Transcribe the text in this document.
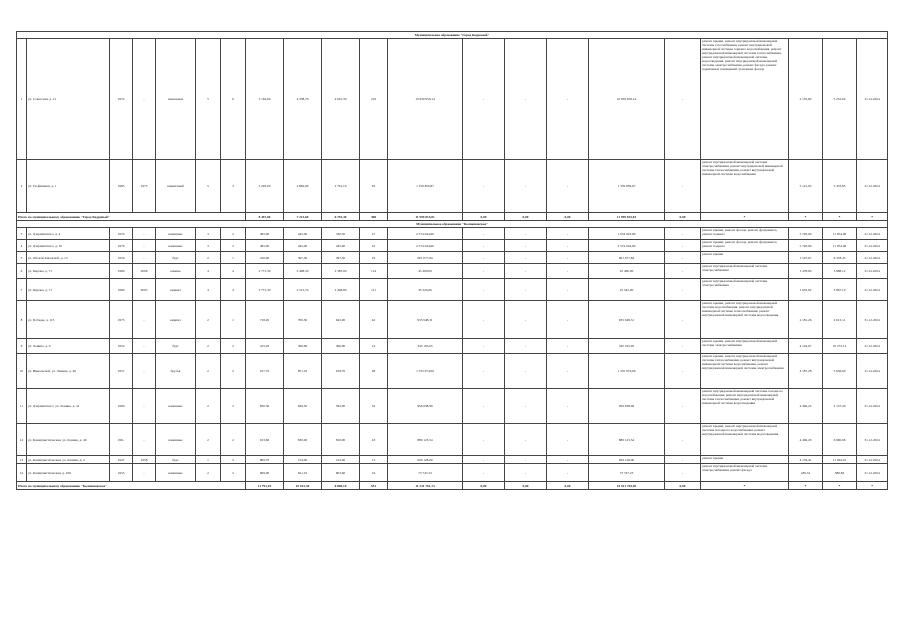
Муниципальное образование "Город Кедровый"																				
1	ул. Советская, д. 11	1974	-	панельные	5	6	5 164,00	4 338,70	4 001,30	216	10 639 956,14	-	-	-	10 639 956,14	-	ремонт крыши, ремонт внутридомовой инженерной системы газоснабжения, ремонт внутридомовой инженерной системы горячего водоснабжения, ремонт внутридомовой инженерной системы теплоснабжения, ремонт внутридомовой инженерной системы водоотведения, ремонт внутридомовой инженерной системы электроснабжения, ремонт фасада, ремонт подвальных помещений, утепление фасада	2 155,84	5 252,04	31.12.2024
2	ул. Геофизиков, д. 1	1985	1975	кирпичный	5	3	3 293,00	2 882,90	2 791,10	92	1 359 859,67	-	-	-	1 359 859,67	-	ремонт внутридомовой инженерной системы электроснабжения, ремонт внутридомовой инженерной системы теплоснабжения, ремонт внутридомовой инженерной системы водоснабжения	5 121,93	5 476,85	31.12.2024
Итого по муниципальному образованию "Город Кедровый"							8 457,00	7 221,60	6 792,40	308	11 999 815,81	0,00	0,00	0,00	11 999 815,81	0,00	*	*	*	*
Муниципальное образование "Колпашевское"																				
3	ул. Дзержинского, д. 4	1979	-	каменные	3	2	495,00	445,00	320,50	27	2 574 044,60	-	-	-	1 054 043,80	-	ремонт крыши, ремонт фасада, ремонт фундамента, ремонт подвала	5 720,00	11 054,00	31.12.2024
4	ул. Дзержинского, д. 10	1979	-	каменные	3	2	495,00	445,00	445,00	22	2 574 044,60	-	-	-	2 574 044,60	-	ремонт крыши, ремонт фасада, ремонт фундамента, ремонт подвала	5 720,00	11 054,00	31.12.2024
5	ул. Обской Заводской, д. 13	1956	-	брус	2	1	410,00	397,30	397,30	19	601 077,84	-	-	-	601 077,84	-	ремонт крыши	1 107,67	6 378,43	31.12.2024
6	ул. Кирова, д. 71	1969	2006	камень	4	4	2 771,30	2 498,50	2 385,90	114	45 400,00	-	-	-	45 400,00	-	ремонт внутридомовой инженерной системы электроснабжения	1 478,00	3 988,12	31.12.2024
7	ул. Кирова, д. 71	1969	2005	кирпич	4	4	2 771,30	2 515,74	2 448,80	111	45 545,00	-	-	-	45 545,00	-	ремонт внутридомовой инженерной системы электроснабжения	1 635,62	3 867,19	31.12.2024
8	ул. Победы, д. 115	1975	-	кирпич	2	1	718,20	700,30	645,00	42	935 948,31	-	-	-	935 948,31	-	ремонт крыши, ремонт внутридомовой инженерной системы водоснабжения, ремонт внутридомовой инженерной системы теплоснабжения, ремонт внутридомовой инженерной системы водоотведения	2 181,26	4 613,11	31.12.2024
9	ул. Ленина, д. 9	1954	-	брус	2	2	415,20	399,60	366,00	14	345 193,05	-	-	-	345 193,05	-	ремонт крыши, ремонт внутридомовой инженерной системы электроснабжения	4 194,07	10 273,12	31.12.2024
10	ул. Никольской, ул. Ленина, д. 46	1957	-	брусья	2	2	917,70	851,10	618,70	48	1 355 974,06	-	-	-	1 355 974,06	-	ремонт крыши, ремонт внутридомовой инженерной системы теплоснабжения, ремонт внутридомовой инженерной системы водоснабжения, ремонт внутридомовой инженерной системы электроснабжения	4 187,28	5 636,00	31.12.2024
11	ул. Дзержинского, ул. Ленина, д. 41	1960	-	каменные	2	2	850,30	826,50	592,00	32	956 938,99	-	-	-	956 938,99	-	ремонт внутридомовой инженерной системы холодного водоснабжения, ремонт внутридомовой инженерной системы теплоснабжения, ремонт внутридомовой инженерной системы водоотведения	4 400,22	2 137,20	31.12.2024
12	ул. Коммунистическая, ул. Ленина, д. 46	196..	-	каменные	2	2	913,60	830,00	810,90	43	889 123,54	-	-	-	889 123,54	-	ремонт крыши, ремонт внутридомовой инженерной системы холодного водоснабжения, ремонт внутридомовой инженерной системы водоотведения	4 466,29	6 990,96	31.12.2024
13	ул. Коммунистическая, ул. Ленина, д. 4	1947	1958	брус	1	2	809,70	154,00	122,00	13	929 128,00	-	-	-	929 128,00	-	ремонт крыши	4 176,41	11 024,01	31.12.2024
14	ул. Коммунистическая, д. 109	1955	-	каменные	2	2	609,00	621,10	603,60	24	73 747,23	-	-	-	73 747,23	-	ремонт внутридомовой инженерной системы электроснабжения, ремонт фасада	186,32	586,82	31.12.2024
Итого по муниципальному образованию "Колпашевское"							11 791,10	10 612,30	8 800,10	551	11 231 761,13	0,00	0,00	0,00	10 521 765,05	0,00	*	*	*	*
